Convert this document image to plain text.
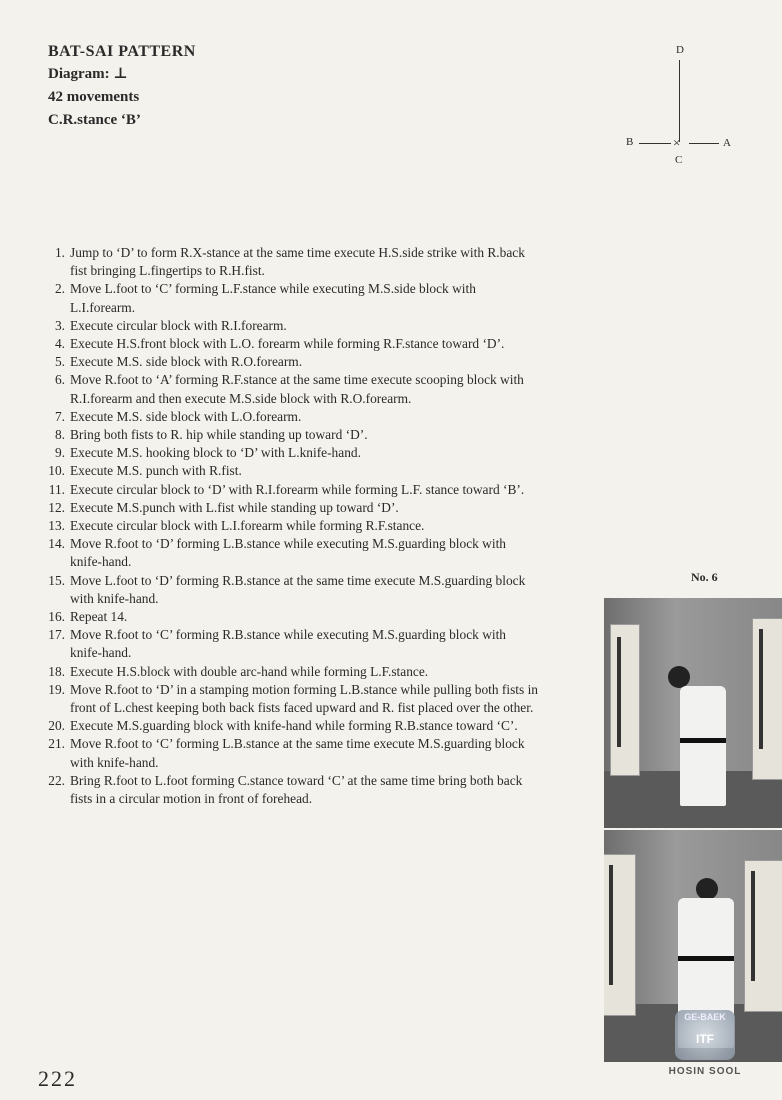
BAT-SAI PATTERN
Diagram: ⊥
42 movements
C.R.stance ‘B’
D
B	×	A
C
1. Jump to ‘D’ to form R.X-stance at the same time execute H.S.side strike with R.back fist bringing L.fingertips to R.H.fist.
2. Move L.foot to ‘C’ forming L.F.stance while executing M.S.side block with L.I.forearm.
3. Execute circular block with R.I.forearm.
4. Execute H.S.front block with L.O. forearm while forming R.F.stance toward ‘D’.
5. Execute M.S. side block with R.O.forearm.
6. Move R.foot to ‘A’ forming R.F.stance at the same time execute scooping block with R.I.forearm and then execute M.S.side block with R.O.forearm.
7. Execute M.S. side block with L.O.forearm.
8. Bring both fists to R. hip while standing up toward ‘D’.
9. Execute M.S. hooking block to ‘D’ with L.knife-hand.
10. Execute M.S. punch with R.fist.
11. Execute circular block to ‘D’ with R.I.forearm while forming L.F. stance toward ‘B’.
12. Execute M.S.punch with L.fist while standing up toward ‘D’.
13. Execute circular block with L.I.forearm while forming R.F.stance.
14. Move R.foot to ‘D’ forming L.B.stance while executing M.S.guarding block with knife-hand.
15. Move L.foot to ‘D’ forming R.B.stance at the same time execute M.S.guarding block with knife-hand.
16. Repeat 14.
17. Move R.foot to ‘C’ forming R.B.stance while executing M.S.guarding block with knife-hand.
18. Execute H.S.block with double arc-hand while forming L.F.stance.
19. Move R.foot to ‘D’ in a stamping motion forming L.B.stance while pulling both fists in front of L.chest keeping both back fists faced upward and R. fist placed over the other.
20. Execute M.S.guarding block with knife-hand while forming R.B.stance toward ‘C’.
21. Move R.foot to ‘C’ forming L.B.stance at the same time execute M.S.guarding block with knife-hand.
22. Bring R.foot to L.foot forming C.stance toward ‘C’ at the same time bring both back fists in a circular motion in front of forehead.
No. 6
GE-BAEK
ITF
HOSIN SOOL
222
